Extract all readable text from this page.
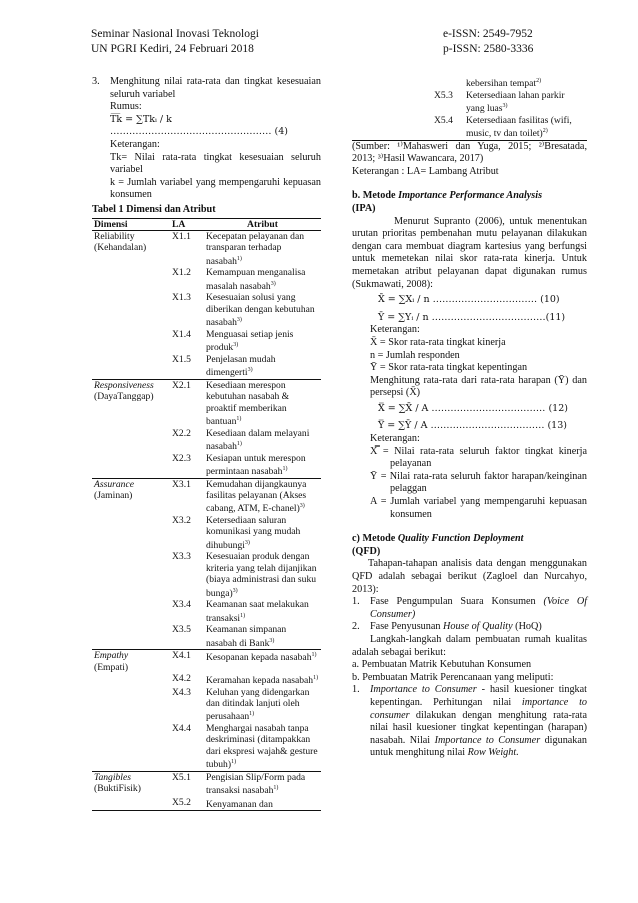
Seminar Nasional Inovasi Teknologi	e-ISSN: 2549-7952
UN PGRI Kediri, 24 Februari 2018	p-ISSN: 2580-3336
3.	Menghitung nilai rata-rata dan tingkat kesesuaian seluruh variabel

Rumus:

T̅k̅ = ∑Tkᵢ / k …………………………………………… (4)

Keterangan:

Tk= Nilai rata-rata tingkat kesesuaian seluruh variabel

k = Jumlah variabel yang mempengaruhi kepuasan konsumen

Tabel 1 Dimensi dan Atribut
Dimensi	LA	Atribut
Reliability
(Kehandalan)	X1.1	Kecepatan pelayanan dan transparan terhadap nasabah$^{1)}$
	X1.2	Kemampuan menganalisa masalah nasabah$^{3)}$
	X1.3	Kesesuaian solusi yang diberikan dengan kebutuhan nasabah$^{3)}$
	X1.4	Menguasai setiap jenis produk$^{3)}$
	X1.5	Penjelasan mudah dimengerti$^{3)}$
Responsiveness
(DayaTanggap)	X2.1	Kesediaan merespon kebutuhan nasabah & proaktif memberikan bantuan$^{1)}$
	X2.2	Kesediaan dalam melayani nasabah$^{1)}$
	X2.3	Kesiapan untuk merespon permintaan nasabah$^{1)}$
Assurance
(Jaminan)	X3.1	Kemudahan dijangkaunya fasilitas pelayanan (Akses cabang, ATM, E-chanel)$^{3)}$
	X3.2	Ketersediaan saluran komunikasi yang mudah dihubungi$^{3)}$
	X3.3	Kesesuaian produk dengan kriteria yang telah dijanjikan (biaya administrasi dan suku bunga)$^{3)}$
	X3.4	Keamanan saat melakukan transaksi$^{1)}$
	X3.5	Keamanan simpanan nasabah di Bank$^{3)}$
Empathy
(Empati)	X4.1	Kesopanan kepada nasabah$^{1)}$
	X4.2	Keramahan kepada nasabah$^{1)}$
	X4.3	Keluhan yang didengarkan dan ditindak lanjuti oleh perusahaan$^{1)}$
	X4.4	Menghargai nasabah tanpa deskriminasi (ditampakkan dari ekspresi wajah& gesture tubuh)$^{1)}$
Tangibles
(BuktiFisik)	X5.1	Pengisian Slip/Form pada transaksi nasabah$^{1)}$
	X5.2	Kenyamanan dan
		kebersihan tempat$^{2)}$
	X5.3	Ketersediaan lahan parkir yang luas$^{3)}$
	X5.4	Ketersediaan fasilitas (wifi, music, tv dan toilet)$^{2)}$

(Sumber: ¹⁾Mahasweri dan Yuga, 2015; ²⁾Bresatada, 2013; ³⁾Hasil Wawancara, 2017)

Keterangan : LA= Lambang Atribut

b. Metode Importance Performance Analysis
(IPA)

Menurut Supranto (2006), untuk menentukan urutan prioritas pembenahan mutu pelayanan dilakukan dengan cara membuat diagram kartesius yang berfungsi untuk memetekan nilai skor rata-rata kinerja. Untuk memetakan atribut pelayanan dapat digunakan rumus (Sukmawati, 2008):

X̄ = ∑Xᵢ / n …………………………… (10)

Ȳ = ∑Yᵢ / n ………………………………(11)

Keterangan:

X̄ = Skor rata-rata tingkat kinerja

n = Jumlah responden

Ȳ = Skor rata-rata tingkat kepentingan

Menghitung rata-rata dari rata-rata harapan (Ȳ) dan persepsi (X̄)

X̿ = ∑X̄ / A ……………………………… (12)

Y̿ = ∑Ȳ / A ……………………………… (13)

Keterangan:

X̿ = Nilai rata-rata seluruh faktor tingkat kinerja pelayanan

Ȳ = Nilai rata-rata seluruh faktor harapan/keinginan pelaggan

A = Jumlah variabel yang mempengaruhi kepuasan konsumen

c) Metode Quality Function Deployment
(QFD)

Tahapan-tahapan analisis data dengan menggunakan QFD adalah sebagai berikut (Zagloel dan Nurcahyo, 2013):

1.	Fase Pengumpulan Suara Konsumen (Voice Of Consumer)
2.	Fase Penyusunan House of Quality (HoQ)

Langkah-langkah dalam pembuatan rumah kualitas adalah sebagai berikut:

a. Pembuatan Matrik Kebutuhan Konsumen

b. Pembuatan Matrik Perencanaan yang meliputi:

1.	Importance to Consumer - hasil kuesioner tingkat kepentingan. Perhitungan nilai importance to consumer dilakukan dengan menghitung rata-rata nilai hasil kuesioner tingkat kepentingan (harapan) nasabah. Nilai Importance to Consumer digunakan untuk menghitung nilai Row Weight.
